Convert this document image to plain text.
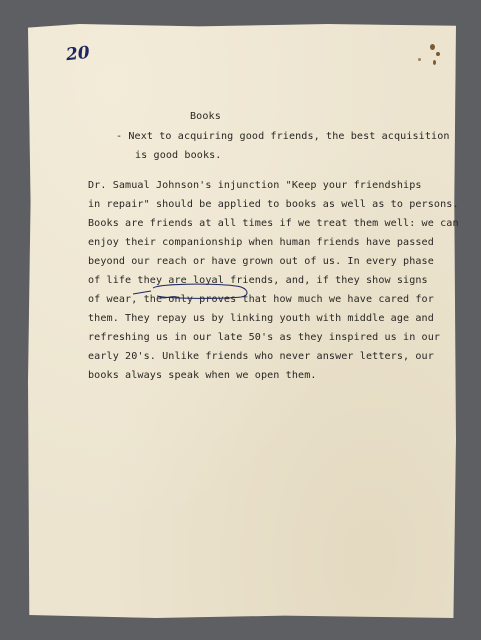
20
Books
- Next to acquiring good friends, the best acquisition
is good books.
Dr. Samual Johnson's injunction "Keep your friendships
in repair" should be applied to books as well as to persons.
Books are friends at all times if we treat them well: we can
enjoy their companionship when human friends have passed
beyond our reach or have grown out of us. In every phase
of life they are loyal friends, and, if they show signs
of wear, the only proves that how much we have cared for
them. They repay us by linking youth with middle age and
refreshing us in our late 50's as they inspired us in our
early 20's. Unlike friends who never answer letters, our
books always speak when we open them.
